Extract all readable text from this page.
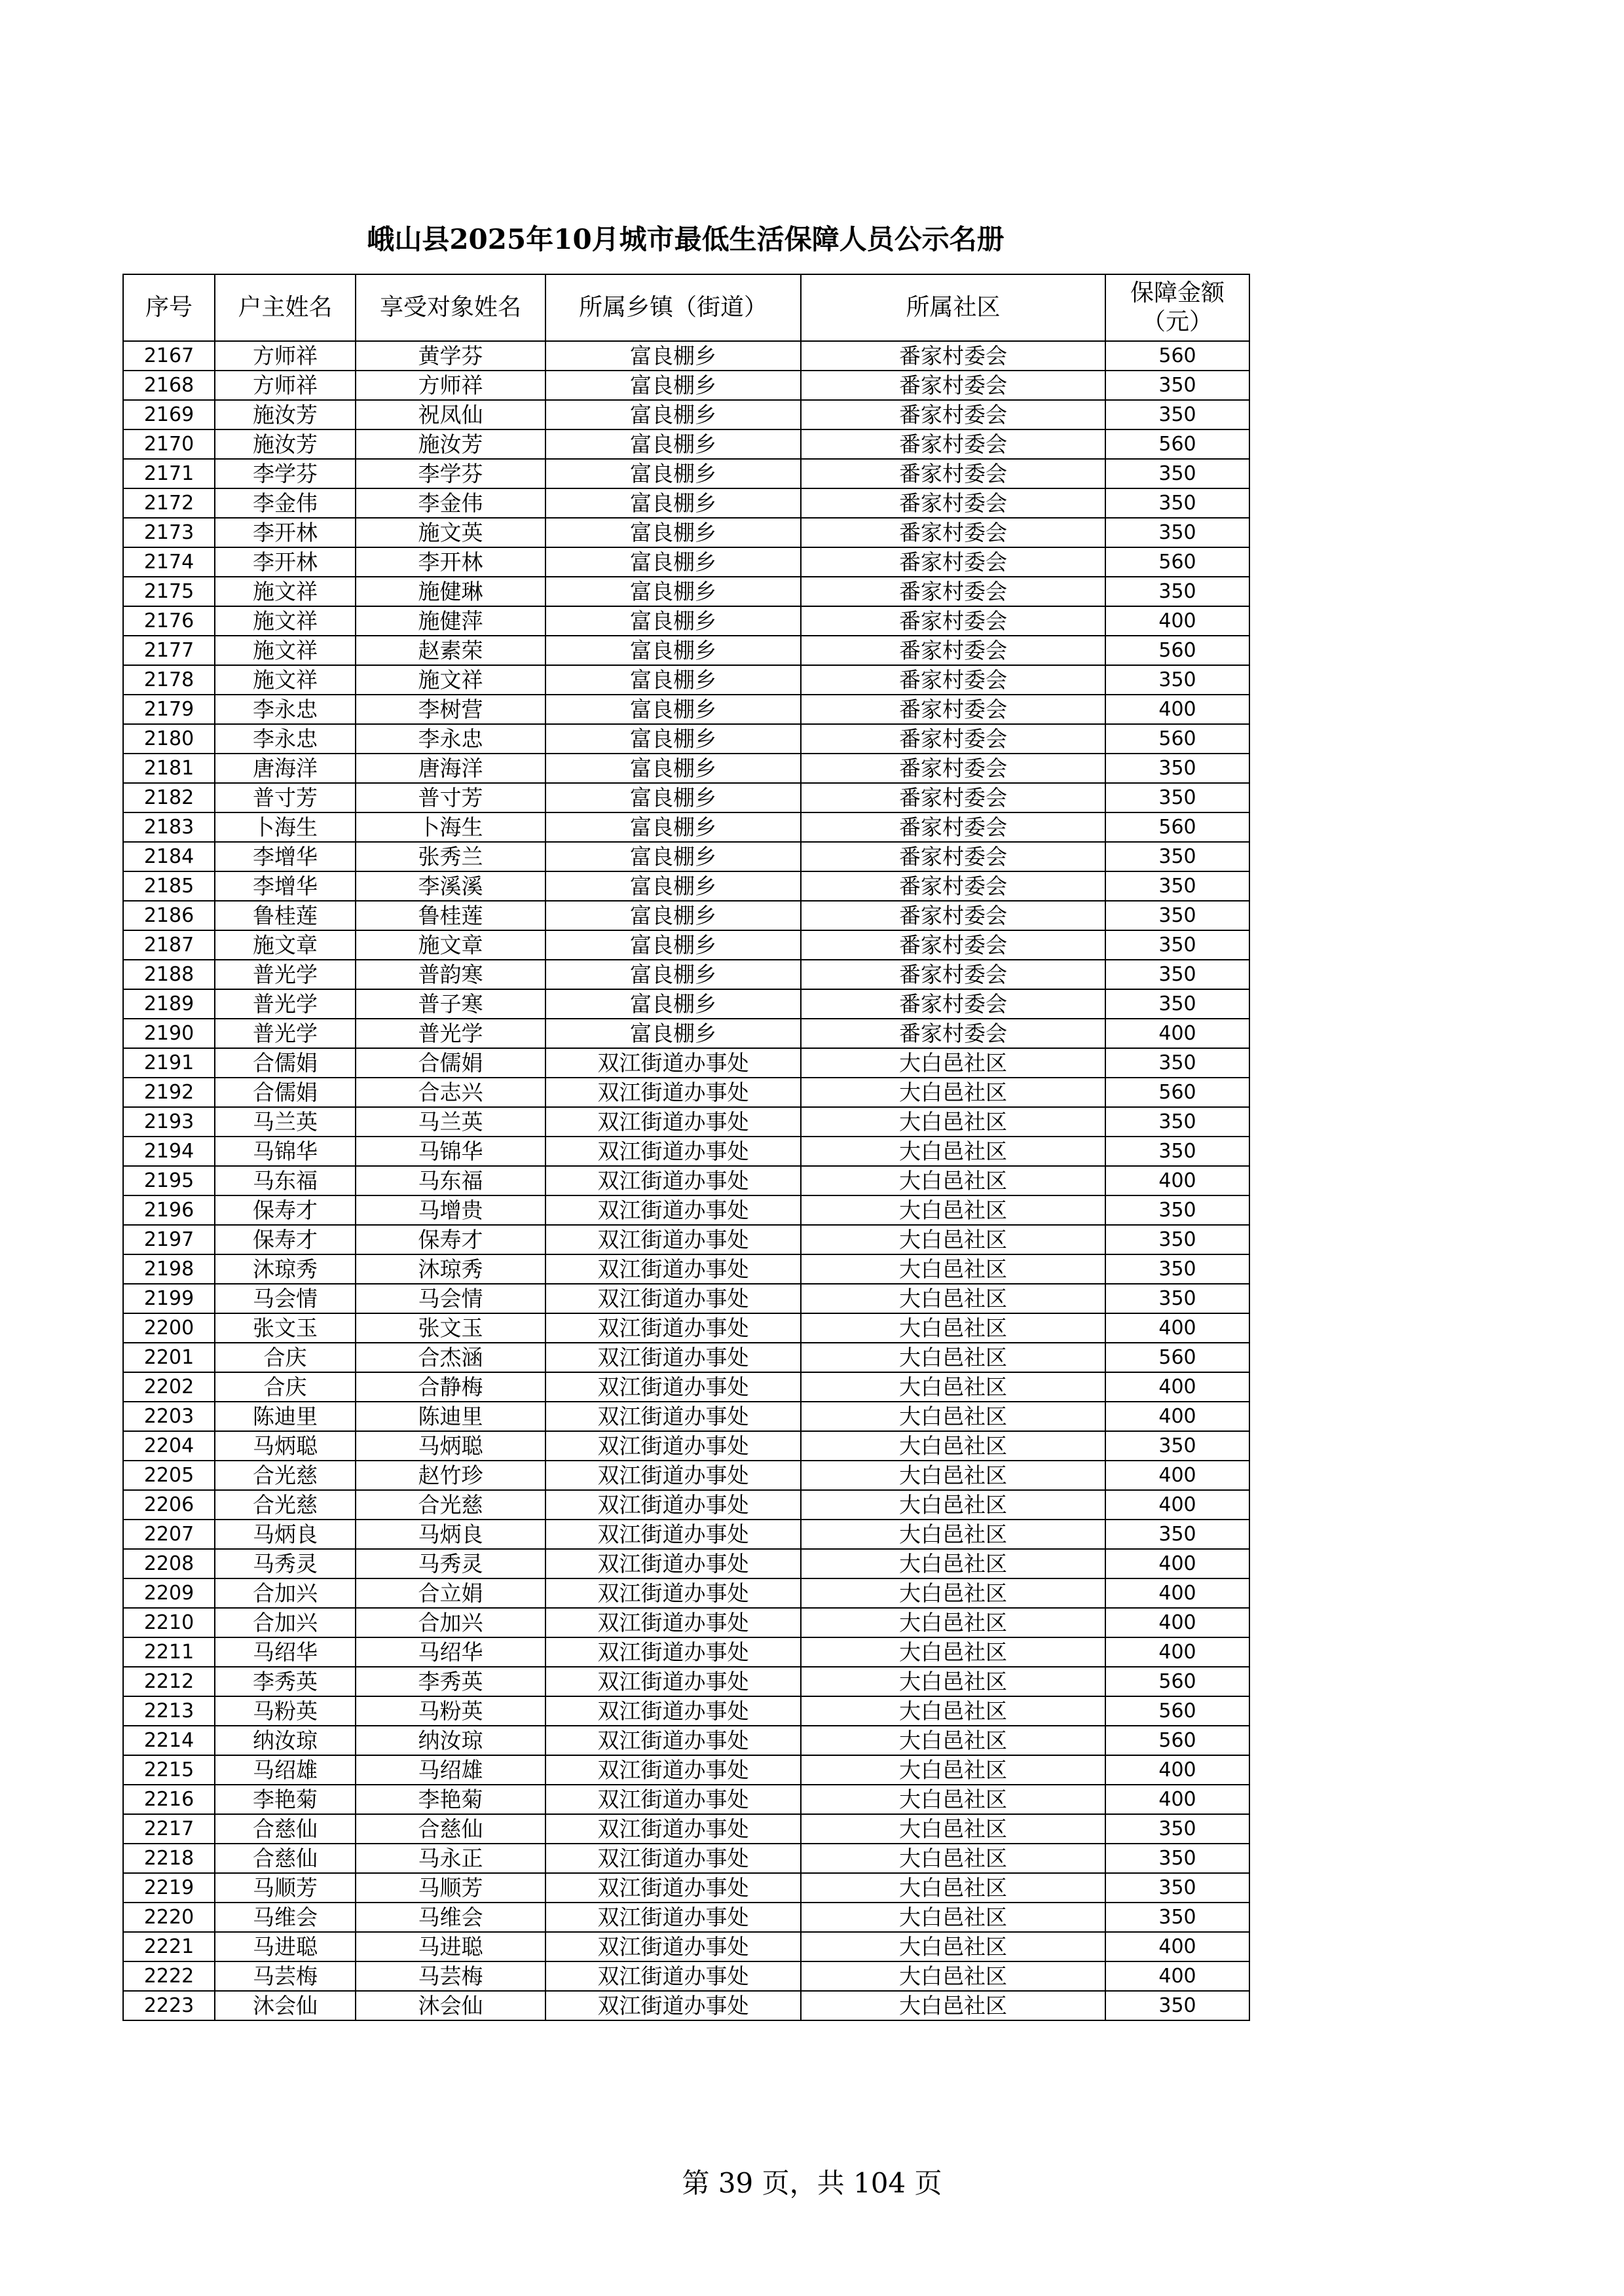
峨山县2025年10月城市最低生活保障人员公示名册
序号	户主姓名	享受对象姓名	所属乡镇（街道）	所属社区	保障金额
（元）
2167	方师祥	黄学芬	富良棚乡	番家村委会	560
2168	方师祥	方师祥	富良棚乡	番家村委会	350
2169	施汝芳	祝凤仙	富良棚乡	番家村委会	350
2170	施汝芳	施汝芳	富良棚乡	番家村委会	560
2171	李学芬	李学芬	富良棚乡	番家村委会	350
2172	李金伟	李金伟	富良棚乡	番家村委会	350
2173	李开林	施文英	富良棚乡	番家村委会	350
2174	李开林	李开林	富良棚乡	番家村委会	560
2175	施文祥	施健琳	富良棚乡	番家村委会	350
2176	施文祥	施健萍	富良棚乡	番家村委会	400
2177	施文祥	赵素荣	富良棚乡	番家村委会	560
2178	施文祥	施文祥	富良棚乡	番家村委会	350
2179	李永忠	李树营	富良棚乡	番家村委会	400
2180	李永忠	李永忠	富良棚乡	番家村委会	560
2181	唐海洋	唐海洋	富良棚乡	番家村委会	350
2182	普寸芳	普寸芳	富良棚乡	番家村委会	350
2183	卜海生	卜海生	富良棚乡	番家村委会	560
2184	李增华	张秀兰	富良棚乡	番家村委会	350
2185	李增华	李溪溪	富良棚乡	番家村委会	350
2186	鲁桂莲	鲁桂莲	富良棚乡	番家村委会	350
2187	施文章	施文章	富良棚乡	番家村委会	350
2188	普光学	普韵寒	富良棚乡	番家村委会	350
2189	普光学	普子寒	富良棚乡	番家村委会	350
2190	普光学	普光学	富良棚乡	番家村委会	400
2191	合儒娟	合儒娟	双江街道办事处	大白邑社区	350
2192	合儒娟	合志兴	双江街道办事处	大白邑社区	560
2193	马兰英	马兰英	双江街道办事处	大白邑社区	350
2194	马锦华	马锦华	双江街道办事处	大白邑社区	350
2195	马东福	马东福	双江街道办事处	大白邑社区	400
2196	保寿才	马增贵	双江街道办事处	大白邑社区	350
2197	保寿才	保寿才	双江街道办事处	大白邑社区	350
2198	沐琼秀	沐琼秀	双江街道办事处	大白邑社区	350
2199	马会情	马会情	双江街道办事处	大白邑社区	350
2200	张文玉	张文玉	双江街道办事处	大白邑社区	400
2201	合庆	合杰涵	双江街道办事处	大白邑社区	560
2202	合庆	合静梅	双江街道办事处	大白邑社区	400
2203	陈迪里	陈迪里	双江街道办事处	大白邑社区	400
2204	马炳聪	马炳聪	双江街道办事处	大白邑社区	350
2205	合光慈	赵竹珍	双江街道办事处	大白邑社区	400
2206	合光慈	合光慈	双江街道办事处	大白邑社区	400
2207	马炳良	马炳良	双江街道办事处	大白邑社区	350
2208	马秀灵	马秀灵	双江街道办事处	大白邑社区	400
2209	合加兴	合立娟	双江街道办事处	大白邑社区	400
2210	合加兴	合加兴	双江街道办事处	大白邑社区	400
2211	马绍华	马绍华	双江街道办事处	大白邑社区	400
2212	李秀英	李秀英	双江街道办事处	大白邑社区	560
2213	马粉英	马粉英	双江街道办事处	大白邑社区	560
2214	纳汝琼	纳汝琼	双江街道办事处	大白邑社区	560
2215	马绍雄	马绍雄	双江街道办事处	大白邑社区	400
2216	李艳菊	李艳菊	双江街道办事处	大白邑社区	400
2217	合慈仙	合慈仙	双江街道办事处	大白邑社区	350
2218	合慈仙	马永正	双江街道办事处	大白邑社区	350
2219	马顺芳	马顺芳	双江街道办事处	大白邑社区	350
2220	马维会	马维会	双江街道办事处	大白邑社区	350
2221	马进聪	马进聪	双江街道办事处	大白邑社区	400
2222	马芸梅	马芸梅	双江街道办事处	大白邑社区	400
2223	沐会仙	沐会仙	双江街道办事处	大白邑社区	350
第 39 页，共 104 页
